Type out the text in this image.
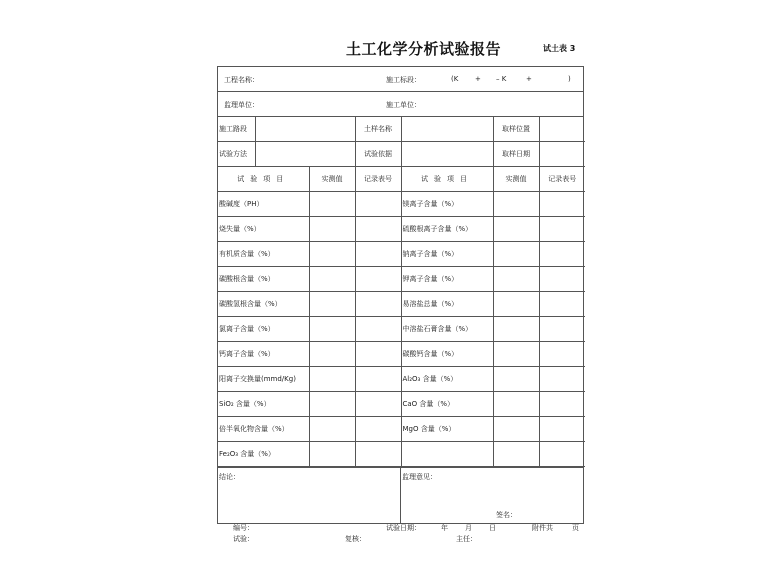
土工化学分析试验报告	试土表 3
工程名称：	施工标段：	(K + – K	+	)
监理单位：	施工单位：
施工路段			土样名称		取样位置	
试验方法			试验依据		取样日期	
试验项目		实测值	记录表号	试验项目	实测值	记录表号
酸碱度（PH）				镁离子含量（%）		
烧失量（%）				硫酸根离子含量（%）		
有机质含量（%）				钠离子含量（%）		
碳酸根含量（%）				钾离子含量（%）		
碳酸氢根含量（%）				易溶盐总量（%）		
氯离子含量（%）				中溶盐石膏含量（%）		
钙离子含量（%）				碳酸钙含量（%）		
阳离子交换量(mmd/Kg)				Al₂O₃ 含量（%）		
SiO₂ 含量（%）				CaO 含量（%）		
倍半氧化物含量（%）				MgO 含量（%）		
Fe₂O₃ 含量（%）						
结论：	监理意见：
签名：
编号：	试验日期：	年 月 日	附件共	页
试验：	复核：	主任：
